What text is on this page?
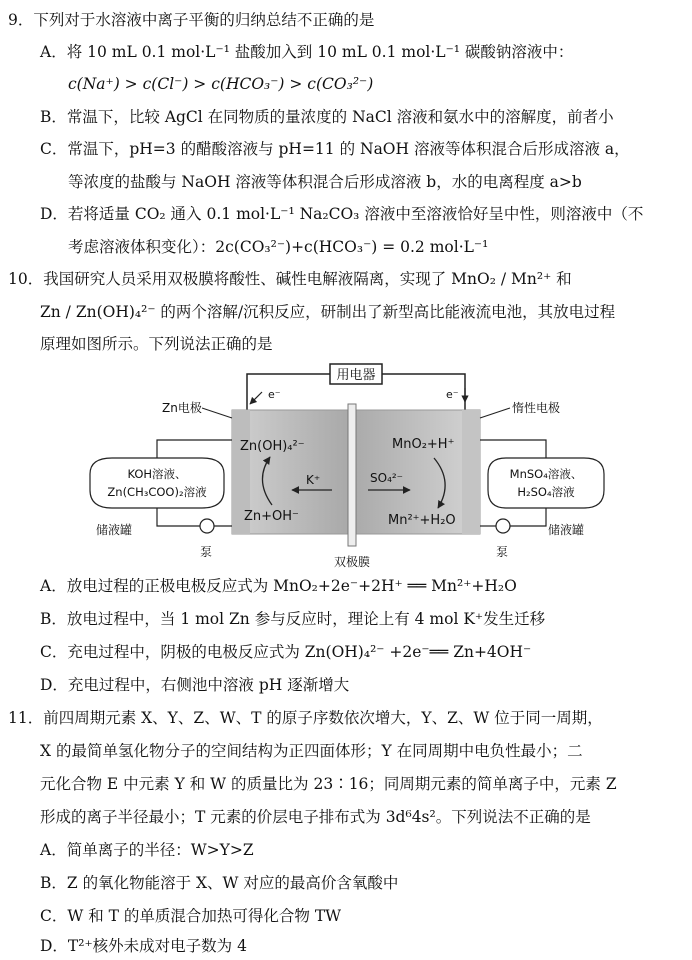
9．下列对于水溶液中离子平衡的归纳总结不正确的是
A．将 10 mL 0.1 mol·L⁻¹ 盐酸加入到 10 mL 0.1 mol·L⁻¹ 碳酸钠溶液中：
c(Na⁺) > c(Cl⁻) > c(HCO₃⁻) > c(CO₃²⁻)
B．常温下，比较 AgCl 在同物质的量浓度的 NaCl 溶液和氨水中的溶解度，前者小
C．常温下，pH=3 的醋酸溶液与 pH=11 的 NaOH 溶液等体积混合后形成溶液 a，
等浓度的盐酸与 NaOH 溶液等体积混合后形成溶液 b，水的电离程度 a>b
D．若将适量 CO₂ 通入 0.1 mol·L⁻¹ Na₂CO₃ 溶液中至溶液恰好呈中性，则溶液中（不
考虑溶液体积变化）：2c(CO₃²⁻)+c(HCO₃⁻) = 0.2 mol·L⁻¹
10．我国研究人员采用双极膜将酸性、碱性电解液隔离，实现了 MnO₂ / Mn²⁺ 和
Zn / Zn(OH)₄²⁻ 的两个溶解/沉积反应，研制出了新型高比能液流电池，其放电过程
原理如图所示。下列说法正确的是
用电器
e⁻	e⁻
Zn电极	惰性电极
Zn(OH)₄²⁻
Zn+OH⁻
K⁺
MnO₂+H⁺
Mn²⁺+H₂O
SO₄²⁻
KOH溶液、
Zn(CH₃COO)₂溶液
储液罐
泵
MnSO₄溶液、
H₂SO₄溶液
储液罐
泵
双极膜
A．放电过程的正极电极反应式为 MnO₂+2e⁻+2H⁺ ══ Mn²⁺+H₂O
B．放电过程中，当 1 mol Zn 参与反应时，理论上有 4 mol K⁺发生迁移
C．充电过程中，阴极的电极反应式为 Zn(OH)₄²⁻ +2e⁻══ Zn+4OH⁻
D．充电过程中，右侧池中溶液 pH 逐渐增大
11．前四周期元素 X、Y、Z、W、T 的原子序数依次增大，Y、Z、W 位于同一周期，
X 的最简单氢化物分子的空间结构为正四面体形；Y 在同周期中电负性最小；二
元化合物 E 中元素 Y 和 W 的质量比为 23∶16；同周期元素的简单离子中，元素 Z
形成的离子半径最小；T 元素的价层电子排布式为 3d⁶4s²。下列说法不正确的是
A．简单离子的半径：W>Y>Z
B．Z 的氧化物能溶于 X、W 对应的最高价含氧酸中
C．W 和 T 的单质混合加热可得化合物 TW
D．T²⁺核外未成对电子数为 4
